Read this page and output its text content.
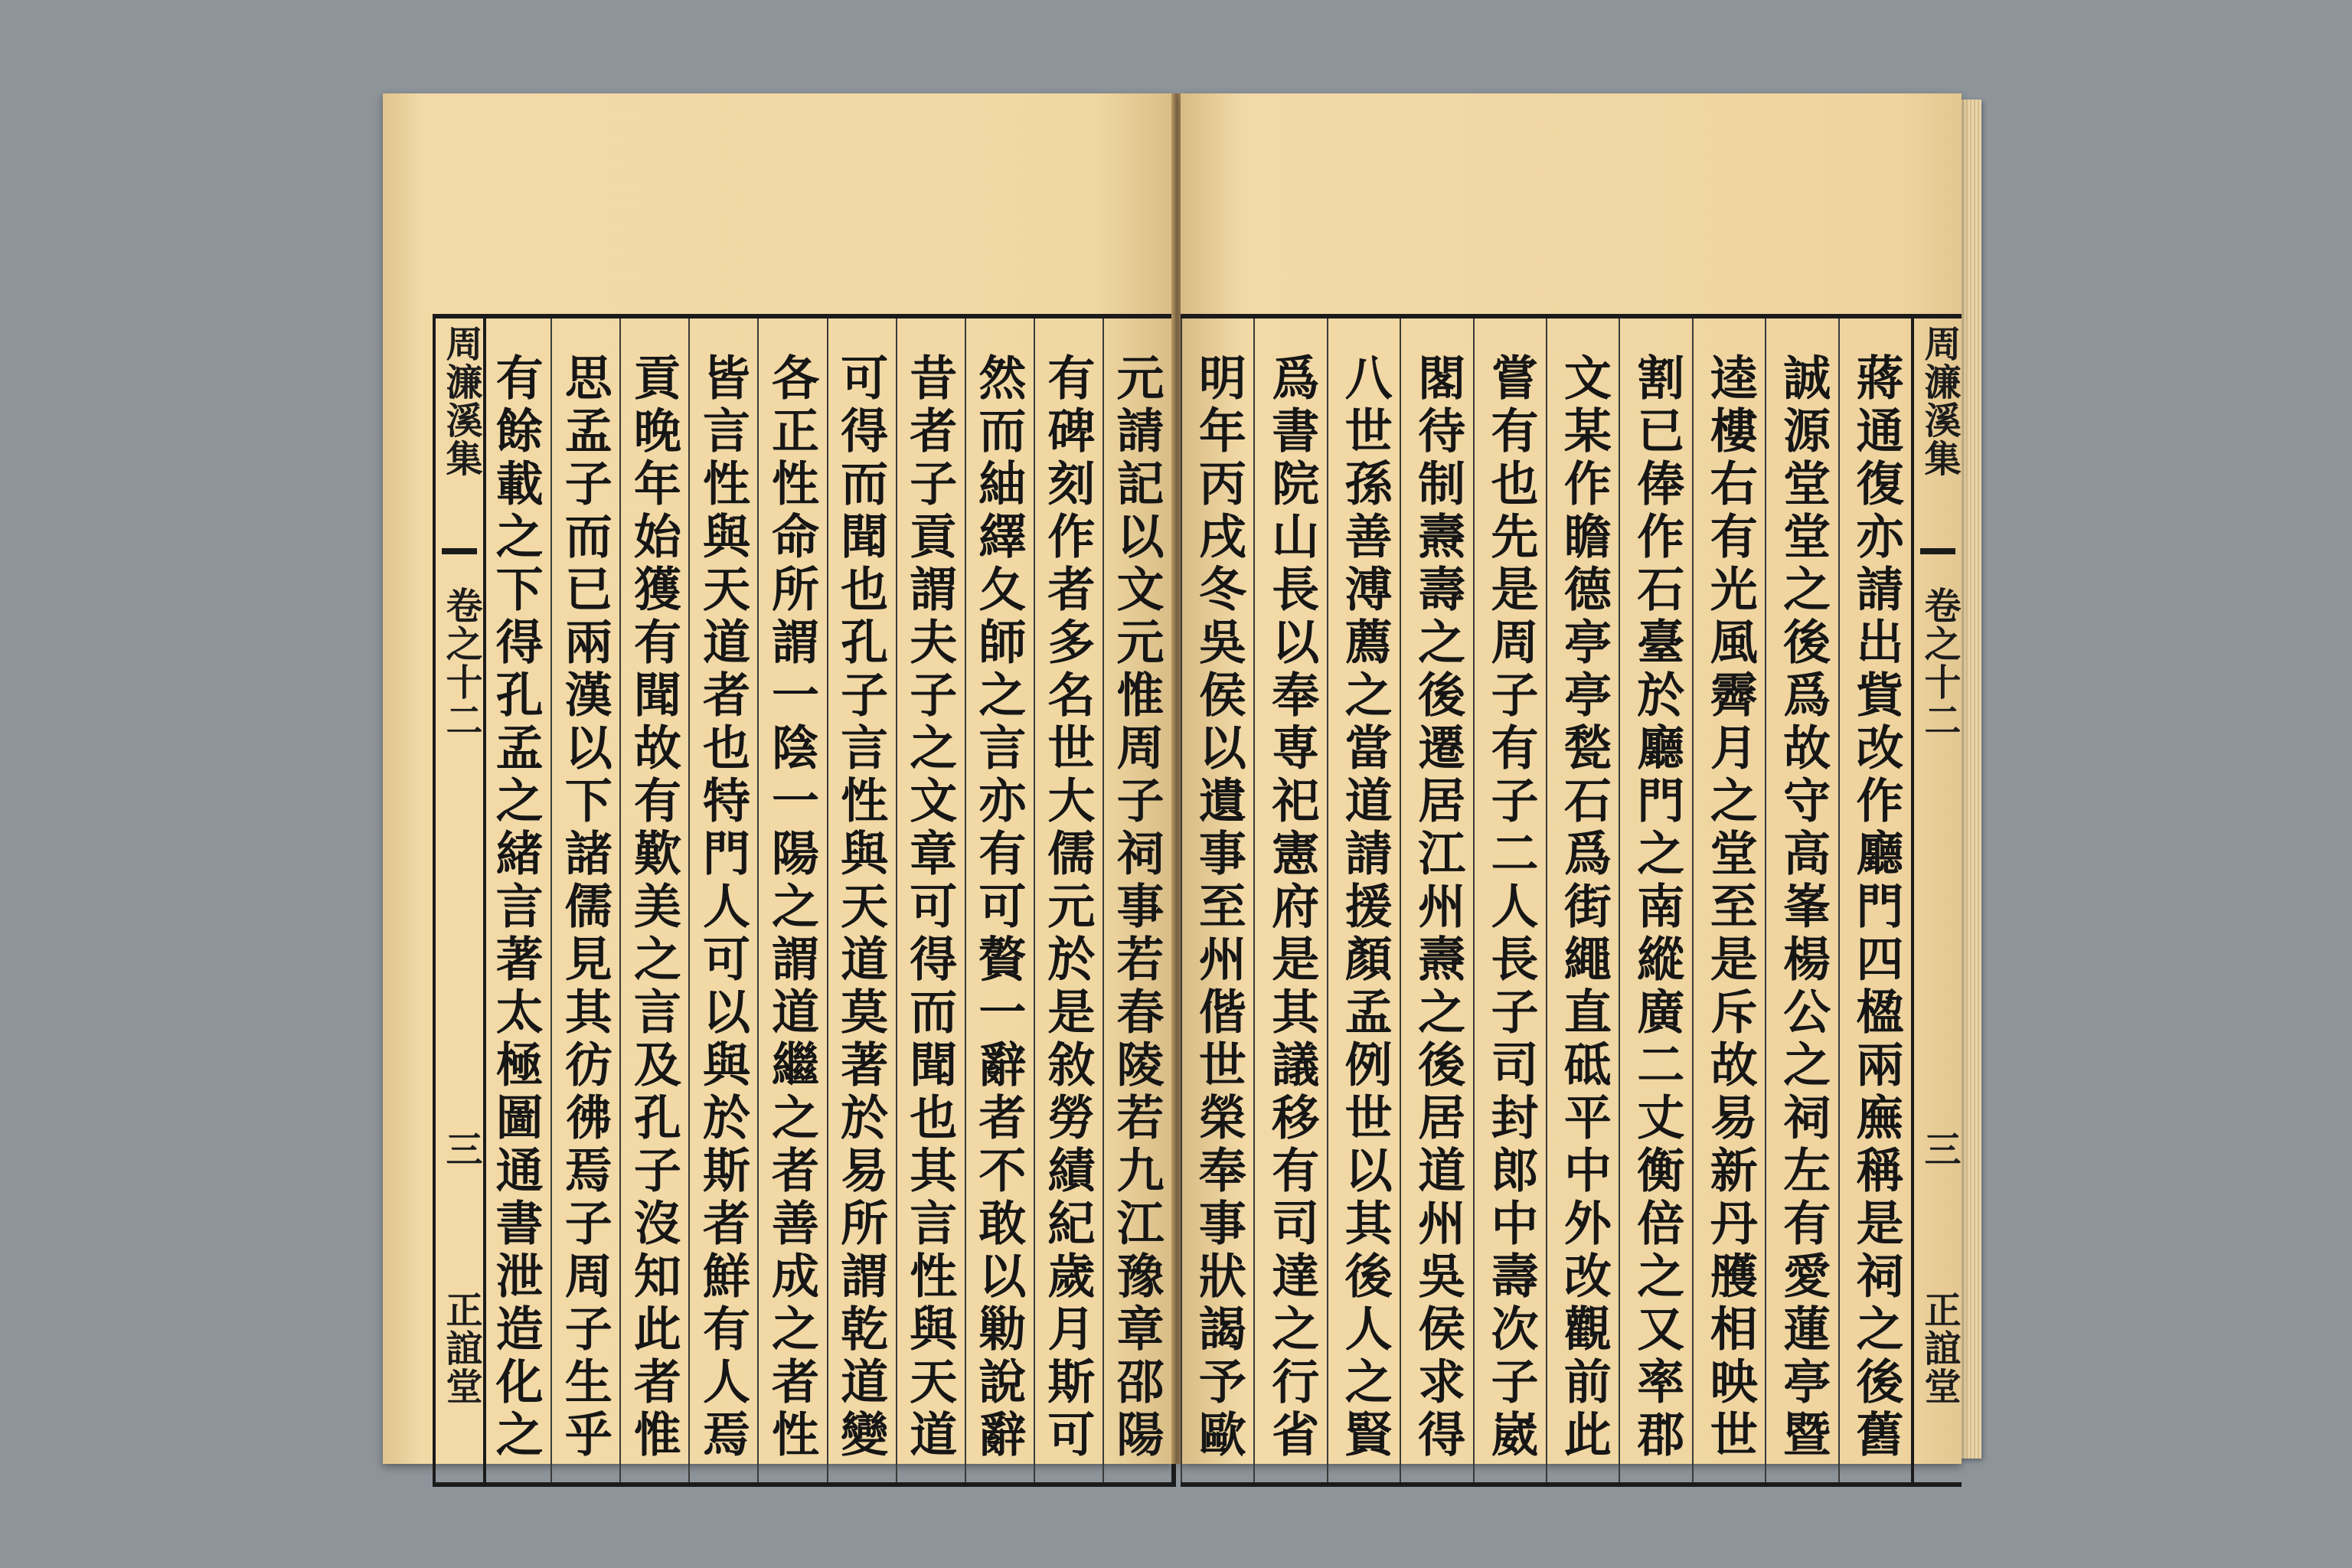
周濂溪集
卷之十二
三
正誼堂
元請記以文元惟周子祠事若春陵若九江豫章邵陽
有碑刻作者多名世大儒元於是敘勞績紀歲月斯可
然而紬繹夂師之言亦有可贅一辭者不敢以勦說辭
昔者子貢謂夫子之文章可得而聞也其言性與天道
可得而聞也孔子言性與天道莫著於易所謂乾道變
各正性命所謂一陰一陽之謂道繼之者善成之者性
皆言性與天道者也特門人可以與於斯者鮮有人焉
貢晚年始獲有聞故有歎美之言及孔子沒知此者惟
思孟子而已兩漢以下諸儒見其彷彿焉子周子生乎
有餘載之下得孔孟之緒言著太極圖通書泄造化之
蔣通復亦請出貲改作廳門四楹兩廡稱是祠之後舊
誠源堂堂之後爲故守高峯楊公之祠左有愛蓮亭暨
逵樓右有光風霽月之堂至是斥故易新丹雘相映世
割已俸作石臺於廳門之南縱廣二丈衡倍之又率郡
文某作瞻德亭亭甃石爲街繩直砥平中外改觀前此
嘗有也先是周子有子二人長子司封郎中壽次子崴
閣待制燾壽之後遷居江州燾之後居道州吳侯求得
八世孫善溥薦之當道請援顏孟例世以其後人之賢
爲書院山長以奉専祀憲府是其議移有司達之行省
明年丙戌冬吳侯以遺事至州偕世榮奉事狀謁予歐
周濂溪集
卷之十二
三
正誼堂
